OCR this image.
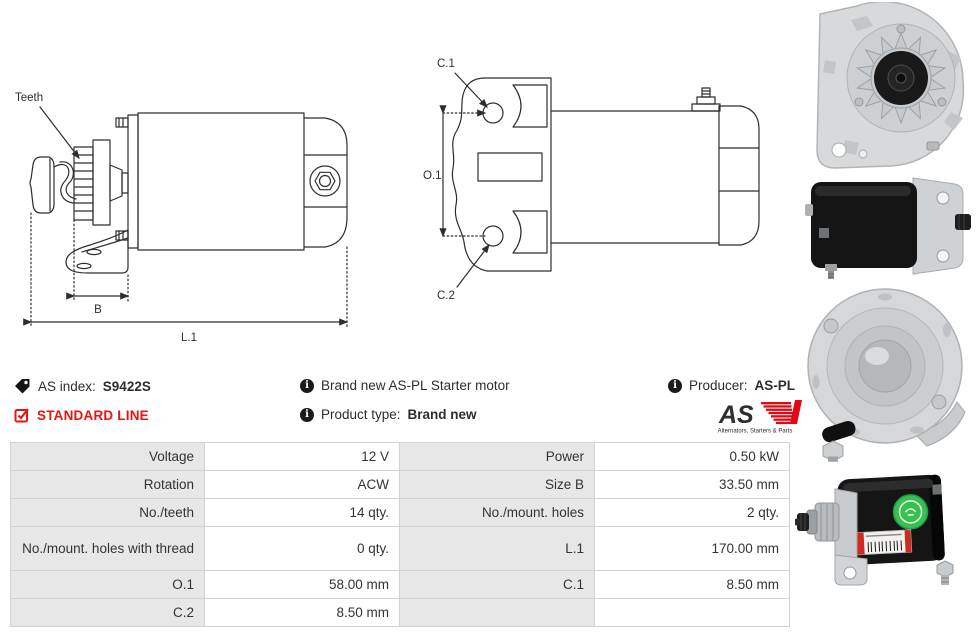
Teeth
B
L.1
C.1
O.1
C.2
AS index: S9422S
STANDARD LINE
i Brand new AS-PL Starter motor
i Product type: Brand new
i Producer: AS-PL
AS
Alternators, Starters & Parts
Voltage	12 V	Power	0.50 kW
Rotation	ACW	Size B	33.50 mm
No./teeth	14 qty.	No./mount. holes	2 qty.
No./mount. holes with thread	0 qty.	L.1	170.00 mm
O.1	58.00 mm	C.1	8.50 mm
C.2	8.50 mm		
